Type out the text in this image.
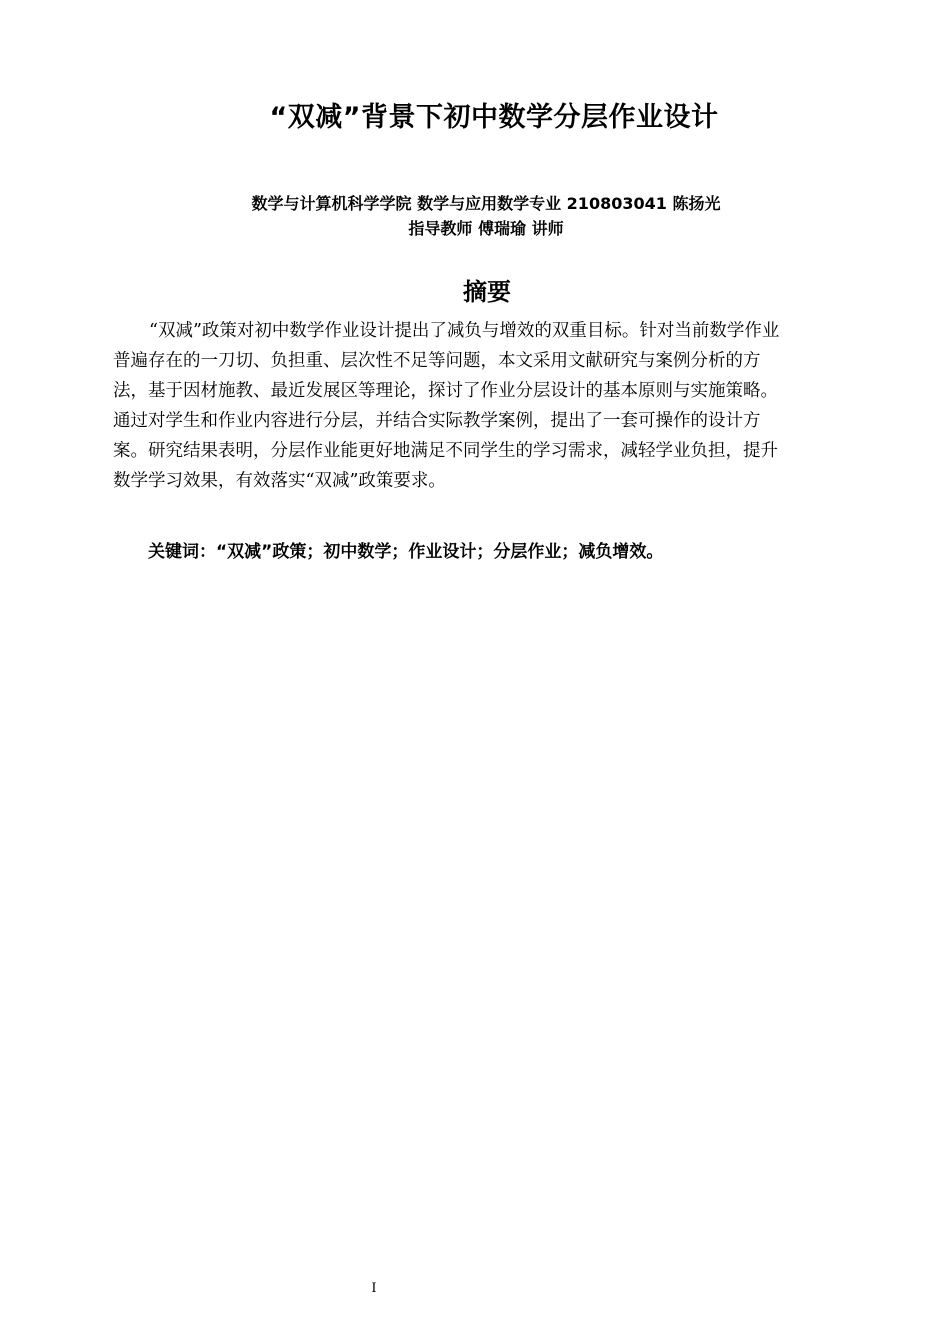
“双减”背景下初中数学分层作业设计
数学与计算机科学学院 数学与应用数学专业 210803041 陈扬光
指导教师 傅瑞瑜 讲师
摘要
“双减”政策对初中数学作业设计提出了减负与增效的双重目标。针对当前数学作业
普遍存在的一刀切、负担重、层次性不足等问题，本文采用文献研究与案例分析的方
法，基于因材施教、最近发展区等理论，探讨了作业分层设计的基本原则与实施策略。
通过对学生和作业内容进行分层，并结合实际教学案例，提出了一套可操作的设计方
案。研究结果表明，分层作业能更好地满足不同学生的学习需求，减轻学业负担，提升
数学学习效果，有效落实“双减”政策要求。
关键词：“双减”政策；初中数学；作业设计；分层作业；减负增效。
I
